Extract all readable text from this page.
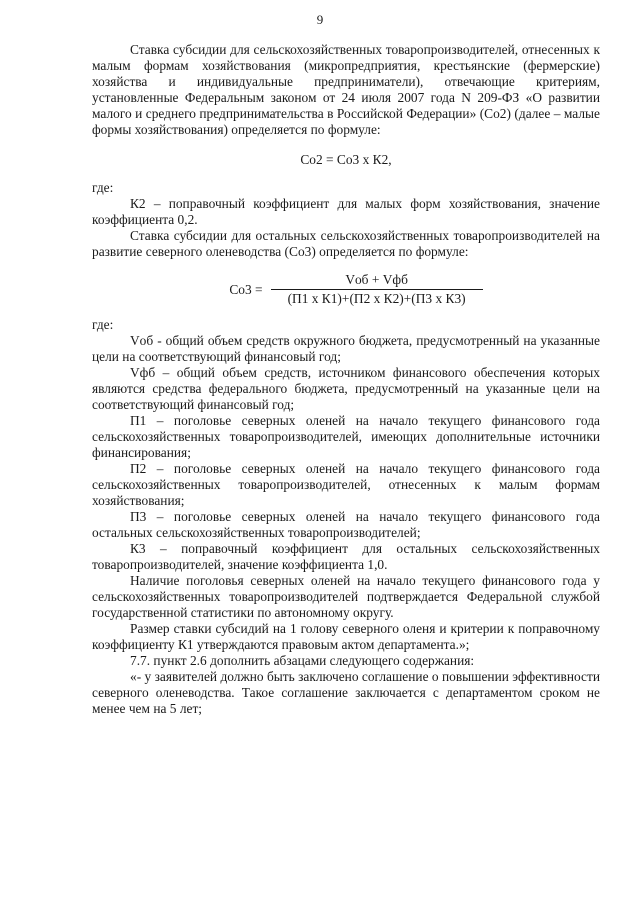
9

Ставка субсидии для сельскохозяйственных товаропроизводителей, отнесенных к малым формам хозяйствования (микропредприятия, крестьянские (фермерские) хозяйства и индивидуальные предприниматели), отвечающие критериям, установленные Федеральным законом от 24 июля 2007 года N 209-ФЗ «О развитии малого и среднего предпринимательства в Российской Федерации» (Со2) (далее – малые формы хозяйствования) определяется по формуле:

Со2 = Со3 х К2,

где:

К2 – поправочный коэффициент для малых форм хозяйствования, значение коэффициента 0,2.

Ставка субсидии для остальных сельскохозяйственных товаропроизводителей на развитие северного оленеводства (Со3) определяется по формуле:

$Со3 = \frac{\text{Vоб + Vфб}}{\text{(П1 х К1)+(П2 х К2)+(П3 х К3)}}$

где:

Vоб - общий объем средств окружного бюджета, предусмотренный на указанные цели на соответствующий финансовый год;

Vфб – общий объем средств, источником финансового обеспечения которых являются средства федерального бюджета, предусмотренный на указанные цели на соответствующий финансовый год;

П1 – поголовье северных оленей на начало текущего финансового года сельскохозяйственных товаропроизводителей, имеющих дополнительные источники финансирования;

П2 – поголовье северных оленей на начало текущего финансового года сельскохозяйственных товаропроизводителей, отнесенных к малым формам хозяйствования;

П3 – поголовье северных оленей на начало текущего финансового года остальных сельскохозяйственных товаропроизводителей;

К3 – поправочный коэффициент для остальных сельскохозяйственных товаропроизводителей, значение коэффициента 1,0.

Наличие поголовья северных оленей на начало текущего финансового года у сельскохозяйственных товаропроизводителей подтверждается Федеральной службой государственной статистики по автономному округу.

Размер ставки субсидий на 1 голову северного оленя и критерии к поправочному коэффициенту К1 утверждаются правовым актом департамента.»;

7.7. пункт 2.6 дополнить абзацами следующего содержания:

«- у заявителей должно быть заключено соглашение о повышении эффективности северного оленеводства. Такое соглашение заключается с департаментом сроком не менее чем на 5 лет;
